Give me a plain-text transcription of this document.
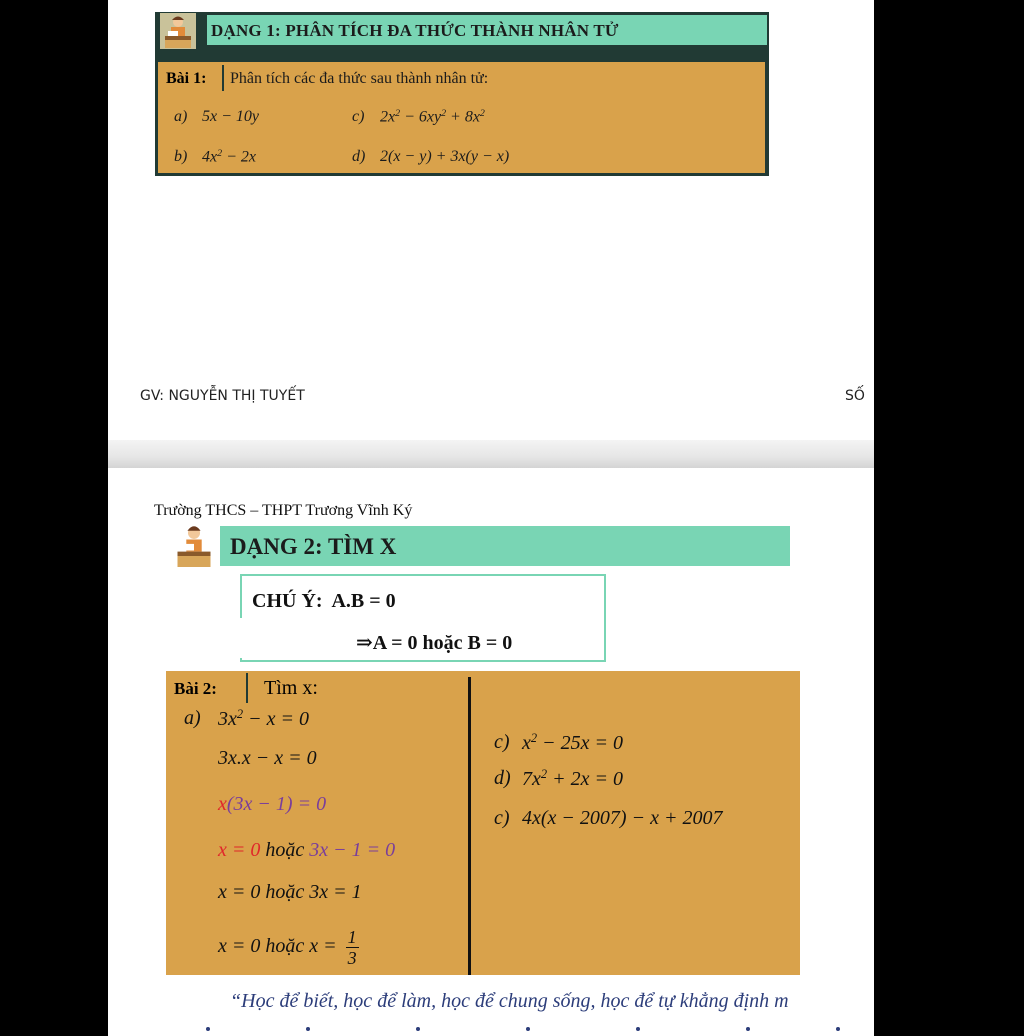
DẠNG 1: PHÂN TÍCH ĐA THỨC THÀNH NHÂN TỬ
Bài 1:	Phân tích các đa thức sau thành nhân tử:
a) 5x − 10y	c) $2x^2 - 6xy^2 + 8x^2$
b) $4x^2 - 2x$	d) 2(x − y) + 3x(y − x)
GV: NGUYỄN THỊ TUYẾT	SỐ
Trường THCS – THPT Trương Vĩnh Ký
DẠNG 2: TÌM X
CHÚ Ý: A.B = 0
⇒A = 0 hoặc B = 0
Bài 2:	Tìm x:
a) $3x^2 - x = 0$
3x.x − x = 0
x(3x − 1) = 0
x = 0 hoặc 3x − 1 = 0
x = 0 hoặc 3x = 1
x = 0 hoặc $x = \frac{1}{3}$
c) $x^2 - 25x = 0$
d) $7x^2 + 2x = 0$
c) 4x(x − 2007) − x + 2007
“Học để biết, học để làm, học để chung sống, học để tự khẳng định m
